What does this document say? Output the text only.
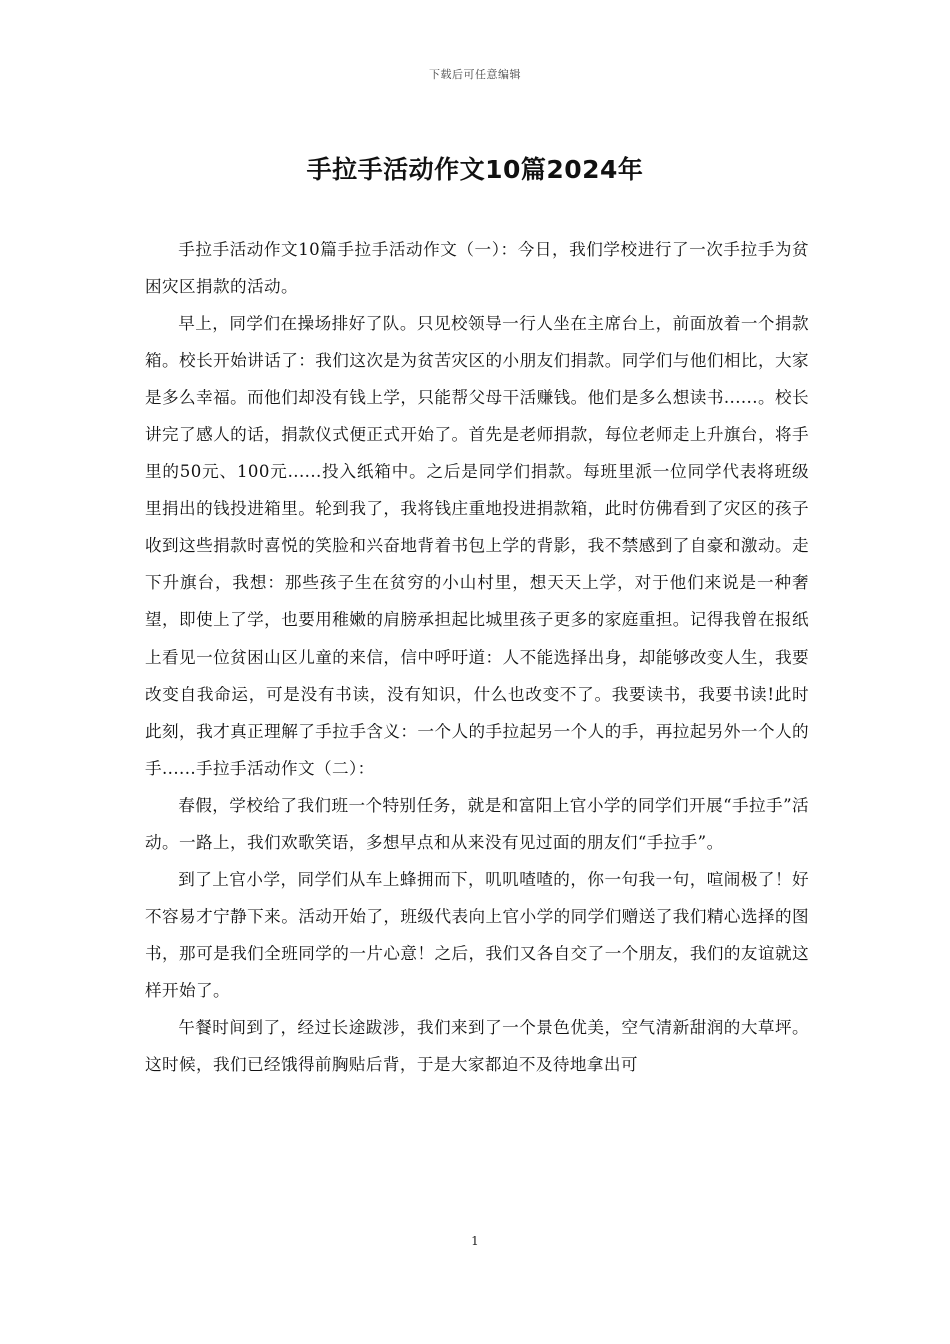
下载后可任意编辑
手拉手活动作文10篇2024年

手拉手活动作文10篇手拉手活动作文（一）：今日，我们学校进行了一次手拉手为贫困灾区捐款的活动。

早上，同学们在操场排好了队。只见校领导一行人坐在主席台上，前面放着一个捐款箱。校长开始讲话了：我们这次是为贫苦灾区的小朋友们捐款。同学们与他们相比，大家是多么幸福。而他们却没有钱上学，只能帮父母干活赚钱。他们是多么想读书......。校长讲完了感人的话，捐款仪式便正式开始了。首先是老师捐款，每位老师走上升旗台，将手里的50元、100元......投入纸箱中。之后是同学们捐款。每班里派一位同学代表将班级里捐出的钱投进箱里。轮到我了，我将钱庄重地投进捐款箱，此时仿佛看到了灾区的孩子收到这些捐款时喜悦的笑脸和兴奋地背着书包上学的背影，我不禁感到了自豪和激动。走下升旗台，我想：那些孩子生在贫穷的小山村里，想天天上学，对于他们来说是一种奢望，即使上了学，也要用稚嫩的肩膀承担起比城里孩子更多的家庭重担。记得我曾在报纸上看见一位贫困山区儿童的来信，信中呼吁道：人不能选择出身，却能够改变人生，我要改变自我命运，可是没有书读，没有知识，什么也改变不了。我要读书，我要书读!此时此刻，我才真正理解了手拉手含义：一个人的手拉起另一个人的手，再拉起另外一个人的手......手拉手活动作文（二）：

春假，学校给了我们班一个特别任务，就是和富阳上官小学的同学们开展“手拉手”活动。一路上，我们欢歌笑语，多想早点和从来没有见过面的朋友们“手拉手”。

到了上官小学，同学们从车上蜂拥而下，叽叽喳喳的，你一句我一句，喧闹极了！好不容易才宁静下来。活动开始了，班级代表向上官小学的同学们赠送了我们精心选择的图书，那可是我们全班同学的一片心意！之后，我们又各自交了一个朋友，我们的友谊就这样开始了。

午餐时间到了，经过长途跋涉，我们来到了一个景色优美，空气清新甜润的大草坪。这时候，我们已经饿得前胸贴后背，于是大家都迫不及待地拿出可

1
